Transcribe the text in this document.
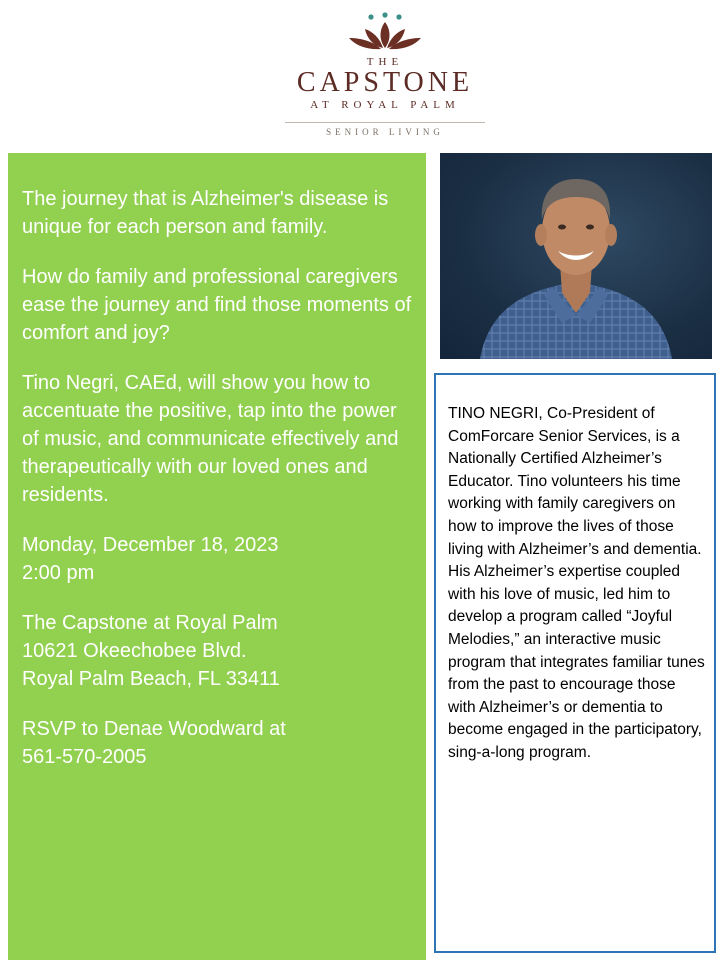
THE
CAPSTONE
AT ROYAL PALM
SENIOR LIVING

The journey that is Alzheimer's disease is unique for each person and family.

How do family and professional caregivers ease the journey and find those moments of comfort and joy?

Tino Negri, CAEd, will show you how to accentuate the positive, tap into the power of music, and communicate effectively and therapeutically with our loved ones and residents.

Monday, December 18, 2023
2:00 pm

The Capstone at Royal Palm
10621 Okeechobee Blvd.
Royal Palm Beach, FL 33411

RSVP to Denae Woodward at
561-570-2005

TINO NEGRI, Co-President of ComForcare Senior Services, is a Nationally Certified Alzheimer’s Educator. Tino volunteers his time working with family caregivers on how to improve the lives of those living with Alzheimer’s and dementia. His Alzheimer’s expertise coupled with his love of music, led him to develop a program called “Joyful Melodies,” an interactive music program that integrates familiar tunes from the past to encourage those with Alzheimer’s or dementia to become engaged in the participatory, sing-a-long program.
